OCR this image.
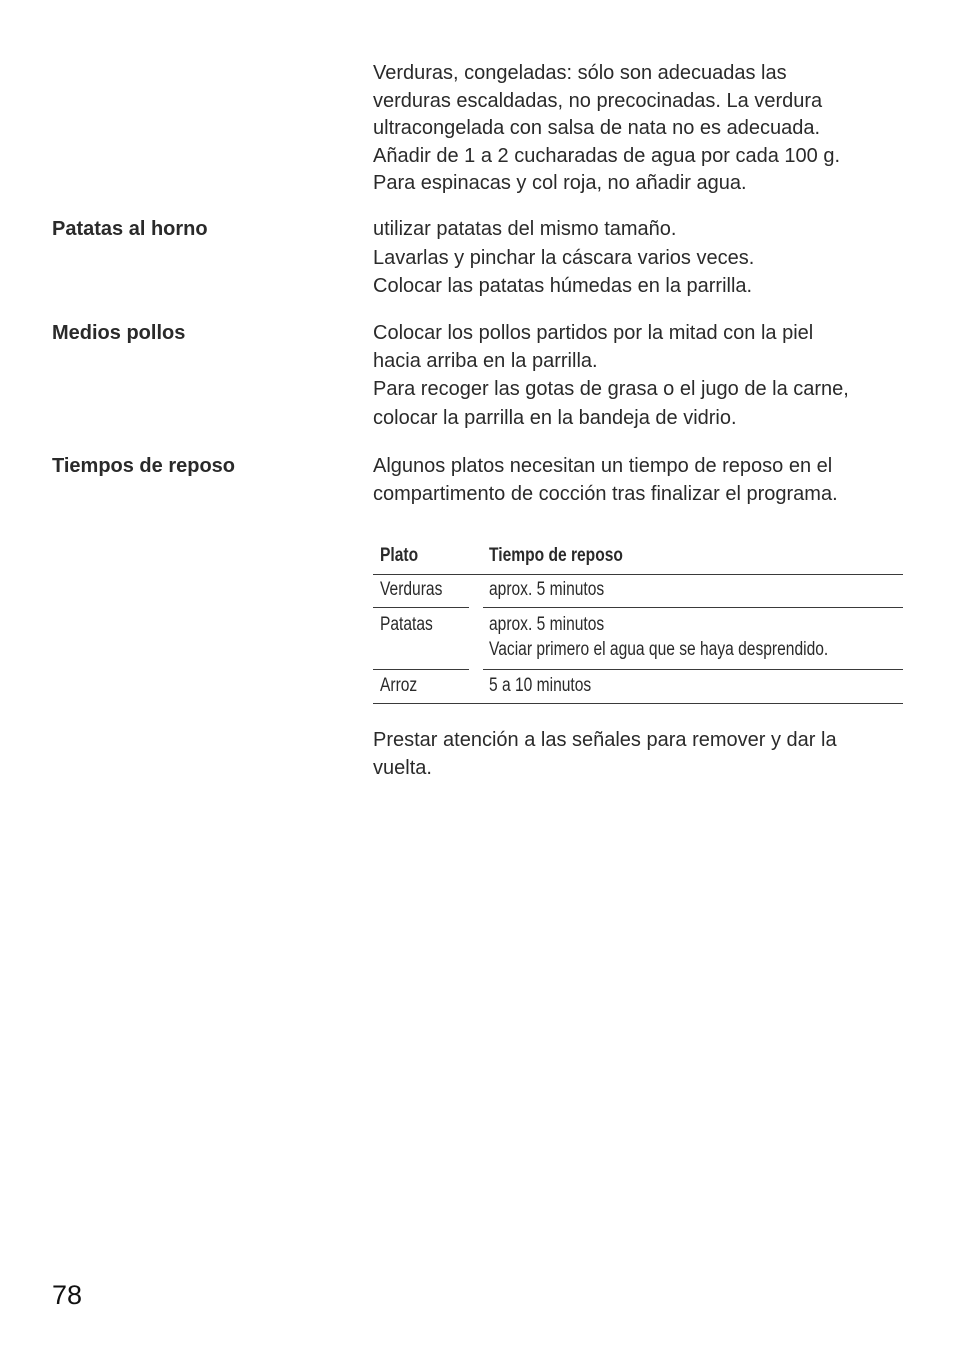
Verduras, congeladas: sólo son adecuadas las

verduras escaldadas, no precocinadas. La verdura

ultracongelada con salsa de nata no es adecuada.

Añadir de 1 a 2 cucharadas de agua por cada 100 g.

Para espinacas y col roja, no añadir agua.

Patatas al horno	utilizar patatas del mismo tamaño.

Lavarlas y pinchar la cáscara varios veces.

Colocar las patatas húmedas en la parrilla.

Medios pollos	Colocar los pollos partidos por la mitad con la piel

hacia arriba en la parrilla.

Para recoger las gotas de grasa o el jugo de la carne,

colocar la parrilla en la bandeja de vidrio.

Tiempos de reposo	Algunos platos necesitan un tiempo de reposo en el

compartimento de cocción tras finalizar el programa.

Plato	Tiempo de reposo
Verduras aprox. 5 minutos
Patatas	aprox. 5 minutos
Vaciar primero el agua que se haya desprendido.
Arroz	5 a 10 minutos

Prestar atención a las señales para remover y dar la

vuelta.

78
